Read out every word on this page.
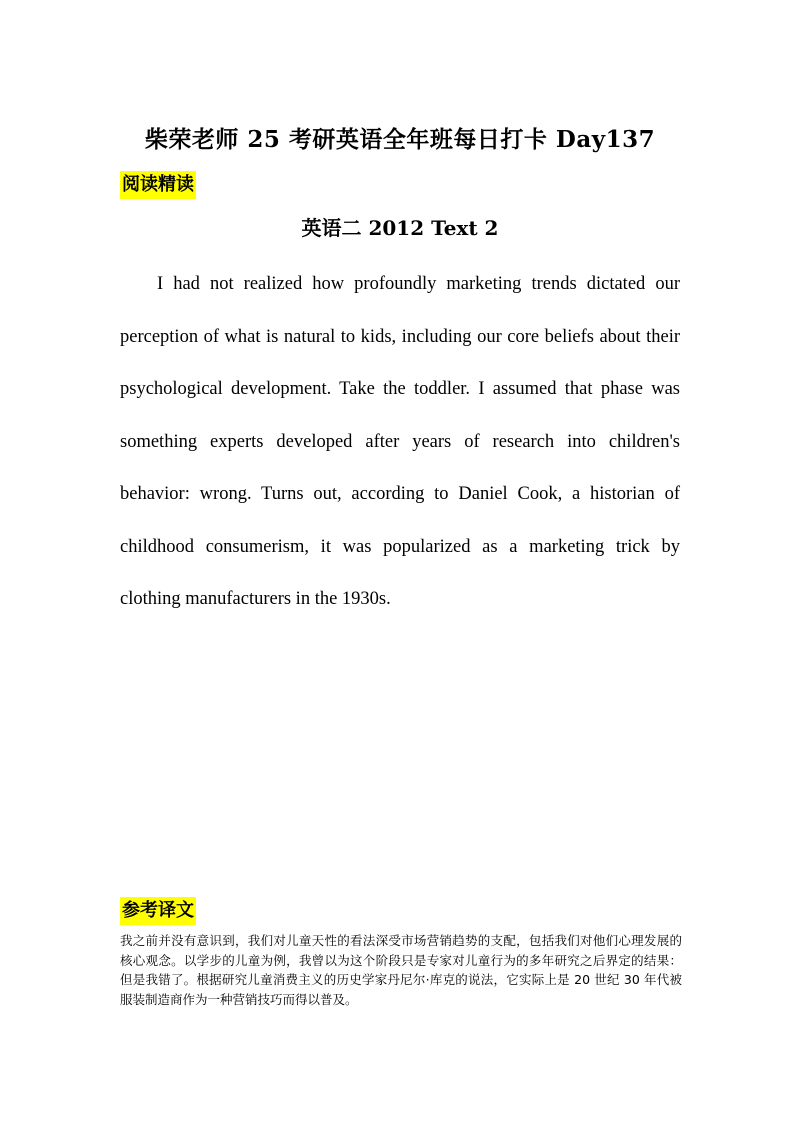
柴荣老师 25 考研英语全年班每日打卡 Day137
阅读精读
英语二 2012 Text 2

I had not realized how profoundly marketing trends dictated our perception of what is natural to kids, including our core beliefs about their psychological development. Take the toddler. I assumed that phase was something experts developed after years of research into children's behavior: wrong. Turns out, according to Daniel Cook, a historian of childhood consumerism, it was popularized as a marketing trick by clothing manufacturers in the 1930s.

参考译文

我之前并没有意识到，我们对儿童天性的看法深受市场营销趋势的支配，包括我们对他们心理发展的核心观念。以学步的儿童为例，我曾以为这个阶段只是专家对儿童行为的多年研究之后界定的结果：但是我错了。根据研究儿童消费主义的历史学家丹尼尔·库克的说法，它实际上是 20 世纪 30 年代被服装制造商作为一种营销技巧而得以普及。
